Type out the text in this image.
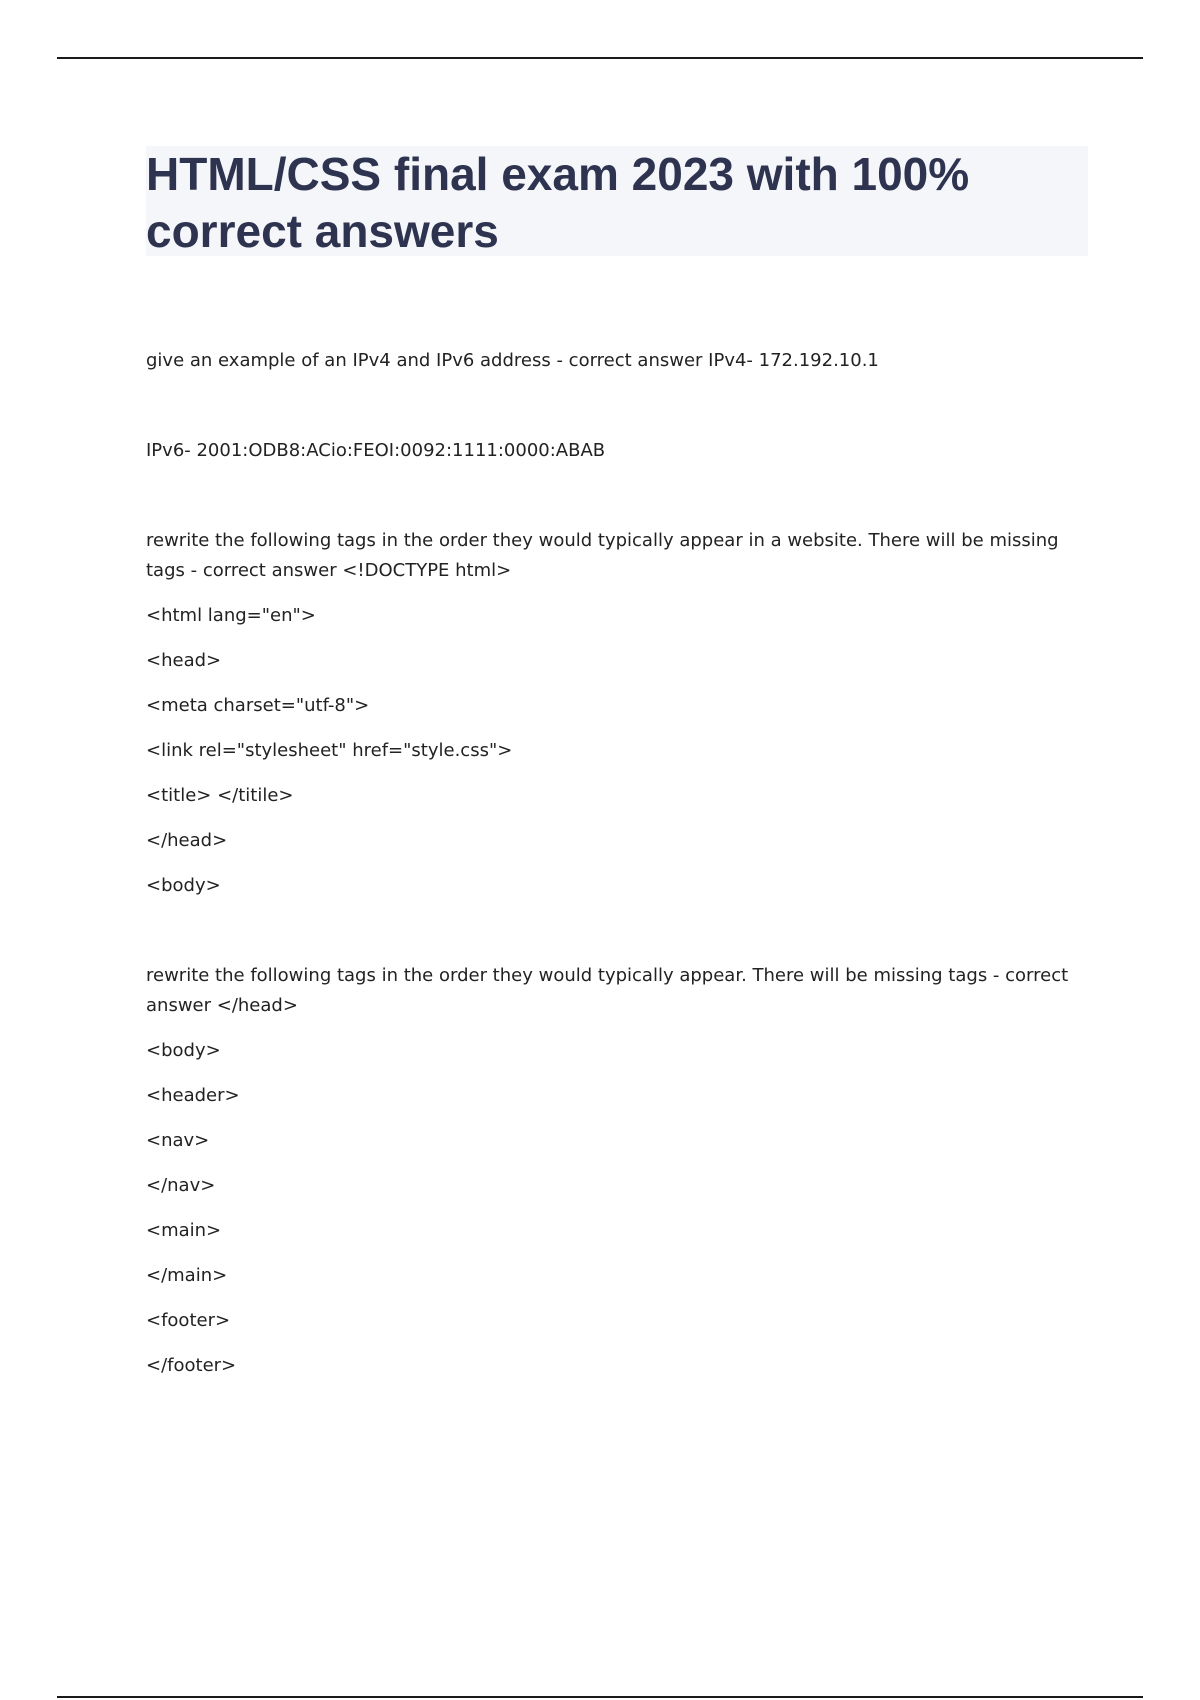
HTML/CSS final exam 2023 with 100% correct answers

give an example of an IPv4 and IPv6 address - correct answer IPv4- 172.192.10.1

IPv6- 2001:ODB8:ACio:FEOI:0092:1111:0000:ABAB

rewrite the following tags in the order they would typically appear in a website. There will be missing tags - correct answer <!DOCTYPE html>

<html lang="en">

<head>

<meta charset="utf-8">

<link rel="stylesheet" href="style.css">

<title> </titile>

</head>

<body>

rewrite the following tags in the order they would typically appear. There will be missing tags - correct answer </head>

<body>

<header>

<nav>

</nav>

<main>

</main>

<footer>

</footer>
